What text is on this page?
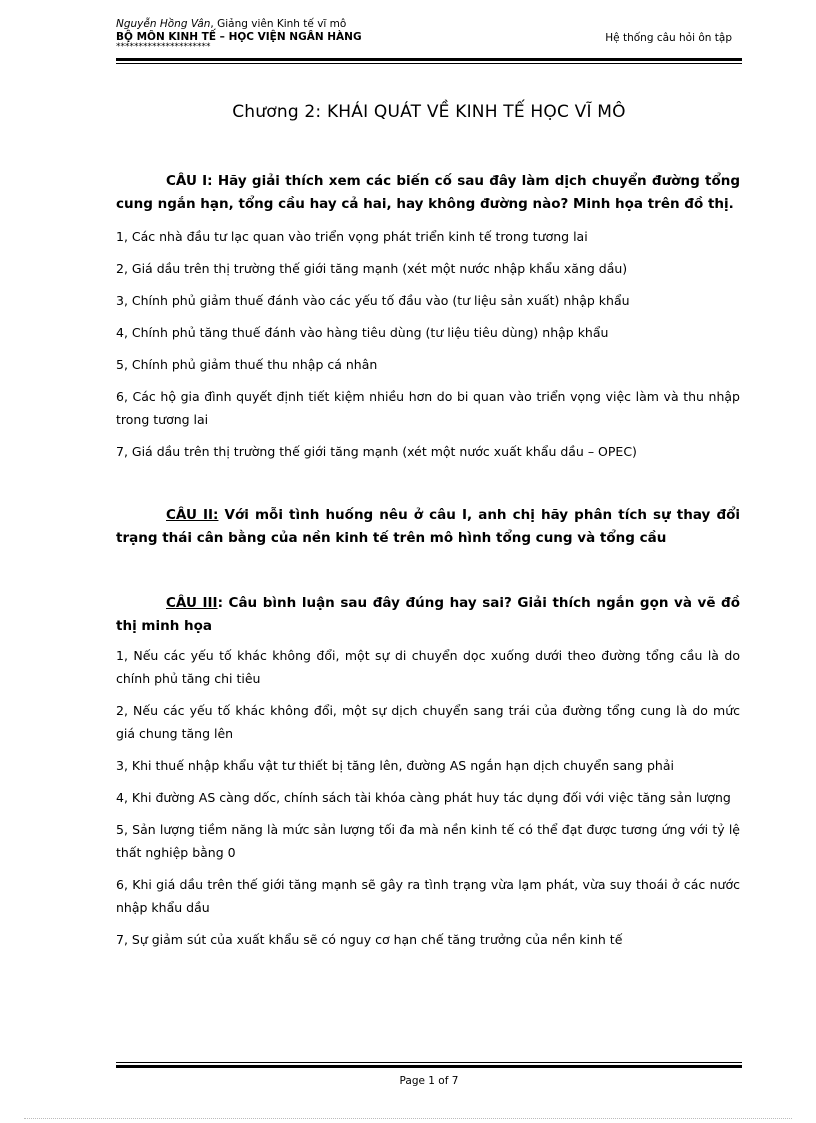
Nguyễn Hồng Vân, Giảng viên Kinh tế vĩ mô
BỘ MÔN KINH TẾ – HỌC VIỆN NGÂN HÀNG
*********************
Hệ thống câu hỏi ôn tập
Chương 2: KHÁI QUÁT VỀ KINH TẾ HỌC VĨ MÔ

CÂU I: Hãy giải thích xem các biến cố sau đây làm dịch chuyển đường tổng cung ngắn hạn, tổng cầu hay cả hai, hay không đường nào? Minh họa trên đồ thị.

1, Các nhà đầu tư lạc quan vào triển vọng phát triển kinh tế trong tương lai

2, Giá dầu trên thị trường thế giới tăng mạnh (xét một nước nhập khẩu xăng dầu)

3, Chính phủ giảm thuế đánh vào các yếu tố đầu vào (tư liệu sản xuất) nhập khẩu

4, Chính phủ tăng thuế đánh vào hàng tiêu dùng (tư liệu tiêu dùng) nhập khẩu

5, Chính phủ giảm thuế thu nhập cá nhân

6, Các hộ gia đình quyết định tiết kiệm nhiều hơn do bi quan vào triển vọng việc làm và thu nhập trong tương lai

7, Giá dầu trên thị trường thế giới tăng mạnh (xét một nước xuất khẩu dầu – OPEC)

CÂU II: Với mỗi tình huống nêu ở câu I, anh chị hãy phân tích sự thay đổi trạng thái cân bằng của nền kinh tế trên mô hình tổng cung và tổng cầu

CÂU III: Câu bình luận sau đây đúng hay sai? Giải thích ngắn gọn và vẽ đồ thị minh họa

1, Nếu các yếu tố khác không đổi, một sự di chuyển dọc xuống dưới theo đường tổng cầu là do chính phủ tăng chi tiêu

2, Nếu các yếu tố khác không đổi, một sự dịch chuyển sang trái của đường tổng cung là do mức giá chung tăng lên

3, Khi thuế nhập khẩu vật tư thiết bị tăng lên, đường AS ngắn hạn dịch chuyển sang phải

4, Khi đường AS càng dốc, chính sách tài khóa càng phát huy tác dụng đối với việc tăng sản lượng

5, Sản lượng tiềm năng là mức sản lượng tối đa mà nền kinh tế có thể đạt được tương ứng với tỷ lệ thất nghiệp bằng 0

6, Khi giá dầu trên thế giới tăng mạnh sẽ gây ra tình trạng vừa lạm phát, vừa suy thoái ở các nước nhập khẩu dầu

7, Sự giảm sút của xuất khẩu sẽ có nguy cơ hạn chế tăng trưởng của nền kinh tế

Page 1 of 7
